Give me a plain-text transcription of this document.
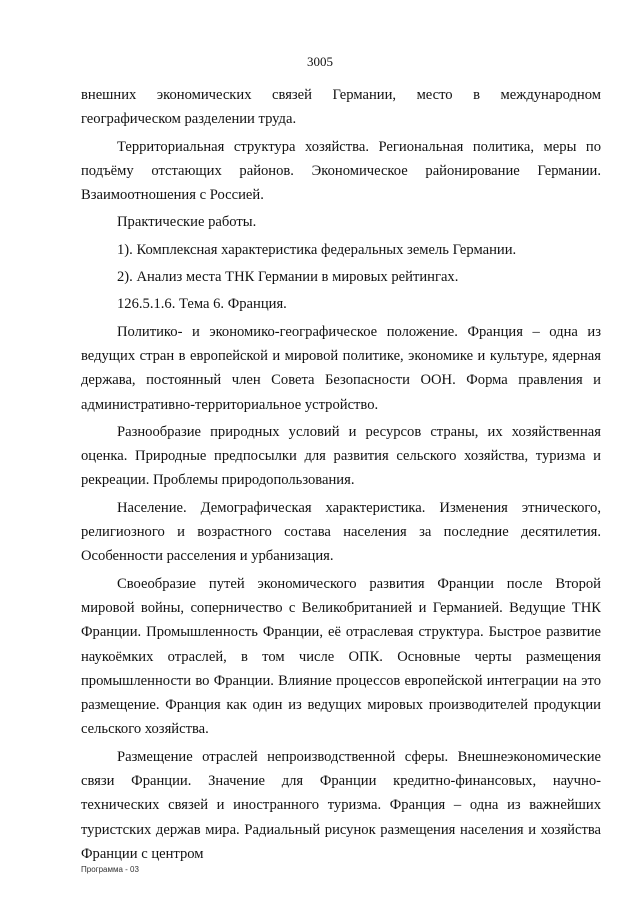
3005

внешних экономических связей Германии, место в международном географическом разделении труда.

Территориальная структура хозяйства. Региональная политика, меры по подъёму отстающих районов. Экономическое районирование Германии. Взаимоотношения с Россией.

Практические работы.

1). Комплексная характеристика федеральных земель Германии.

2). Анализ места ТНК Германии в мировых рейтингах.

126.5.1.6. Тема 6. Франция.

Политико- и экономико-географическое положение. Франция – одна из ведущих стран в европейской и мировой политике, экономике и культуре, ядерная держава, постоянный член Совета Безопасности ООН. Форма правления и административно-территориальное устройство.

Разнообразие природных условий и ресурсов страны, их хозяйственная оценка. Природные предпосылки для развития сельского хозяйства, туризма и рекреации. Проблемы природопользования.

Население. Демографическая характеристика. Изменения этнического, религиозного и возрастного состава населения за последние десятилетия. Особенности расселения и урбанизация.

Своеобразие путей экономического развития Франции после Второй мировой войны, соперничество с Великобританией и Германией. Ведущие ТНК Франции. Промышленность Франции, её отраслевая структура. Быстрое развитие наукоёмких отраслей, в том числе ОПК. Основные черты размещения промышленности во Франции. Влияние процессов европейской интеграции на это размещение. Франция как один из ведущих мировых производителей продукции сельского хозяйства.

Размещение отраслей непроизводственной сферы. Внешнеэкономические связи Франции. Значение для Франции кредитно-финансовых, научно-технических связей и иностранного туризма. Франция – одна из важнейших туристских держав мира. Радиальный рисунок размещения населения и хозяйства Франции с центром

Программа - 03
